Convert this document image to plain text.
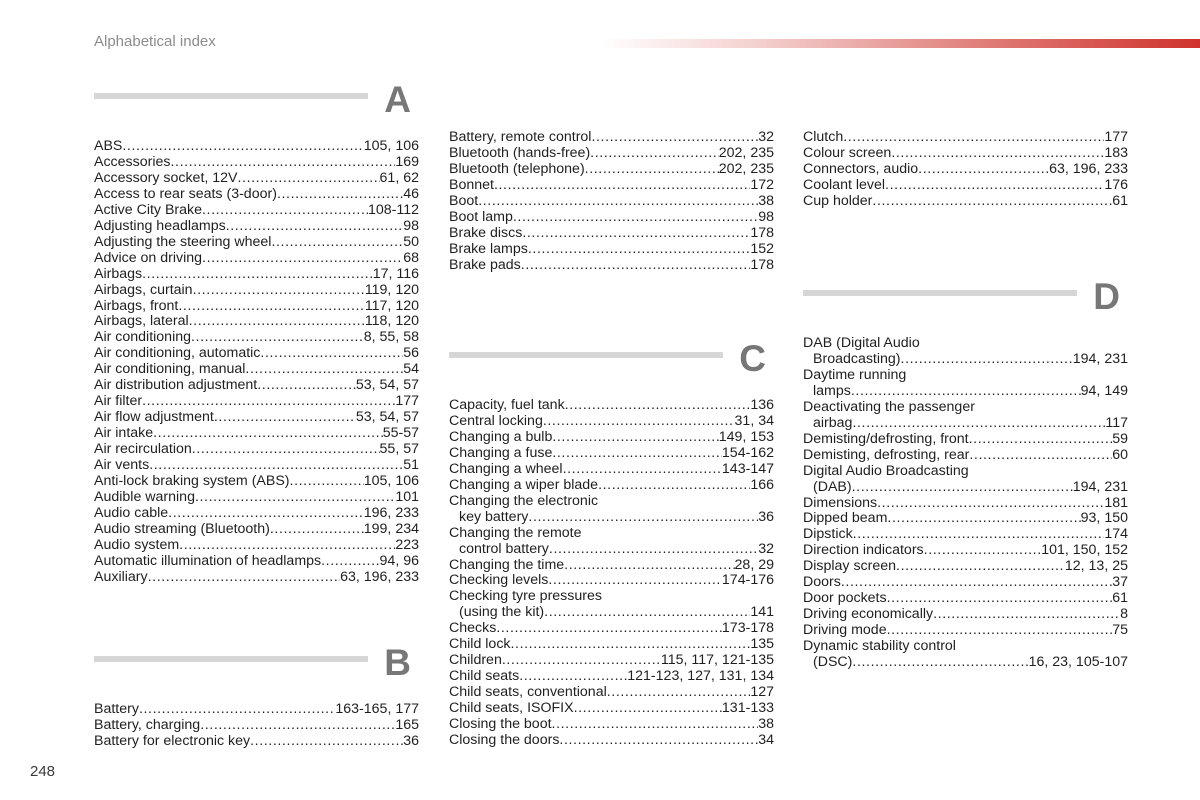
Alphabetical index
A
ABS .....	105, 106
Accessories .....	169
Accessory socket, 12V .....	61, 62
Access to rear seats (3-door) .....	46
Active City Brake .....	108-112
Adjusting headlamps .....	98
Adjusting the steering wheel .....	50
Advice on driving .....	68
Airbags .....	17, 116
Airbags, curtain .....	119, 120
Airbags, front .....	117, 120
Airbags, lateral .....	118, 120
Air conditioning .....	8, 55, 58
Air conditioning, automatic .....	56
Air conditioning, manual .....	54
Air distribution adjustment .....	53, 54, 57
Air filter .....	177
Air flow adjustment .....	53, 54, 57
Air intake .....	55-57
Air recirculation .....	55, 57
Air vents .....	51
Anti-lock braking system (ABS) .....	105, 106
Audible warning .....	101
Audio cable .....	196, 233
Audio streaming (Bluetooth) .....	199, 234
Audio system .....	223
Automatic illumination of headlamps .....	94, 96
Auxiliary .....	63, 196, 233
B
Battery .....	163-165, 177
Battery, charging .....	165
Battery for electronic key .....	36
Battery, remote control .....	32
Bluetooth (hands-free) .....	202, 235
Bluetooth (telephone) .....	202, 235
Bonnet .....	172
Boot .....	38
Boot lamp .....	98
Brake discs .....	178
Brake lamps .....	152
Brake pads .....	178
C
Capacity, fuel tank .....	136
Central locking .....	31, 34
Changing a bulb .....	149, 153
Changing a fuse .....	154-162
Changing a wheel .....	143-147
Changing a wiper blade .....	166
Changing the electronic
key battery .....	36
Changing the remote
control battery .....	32
Changing the time .....	28, 29
Checking levels .....	174-176
Checking tyre pressures
(using the kit) .....	141
Checks .....	173-178
Child lock .....	135
Children .....	115, 117, 121-135
Child seats .....	121-123, 127, 131, 134
Child seats, conventional .....	127
Child seats, ISOFIX .....	131-133
Closing the boot .....	38
Closing the doors .....	34
Clutch .....	177
Colour screen .....	183
Connectors, audio .....	63, 196, 233
Coolant level .....	176
Cup holder .....	61
D
DAB (Digital Audio
Broadcasting) .....	194, 231
Daytime running
lamps .....	94, 149
Deactivating the passenger
airbag .....	117
Demisting/defrosting, front .....	59
Demisting, defrosting, rear .....	60
Digital Audio Broadcasting
(DAB) .....	194, 231
Dimensions .....	181
Dipped beam .....	93, 150
Dipstick .....	174
Direction indicators .....	101, 150, 152
Display screen .....	12, 13, 25
Doors .....	37
Door pockets .....	61
Driving economically .....	8
Driving mode .....	75
Dynamic stability control
(DSC) .....	16, 23, 105-107
248
